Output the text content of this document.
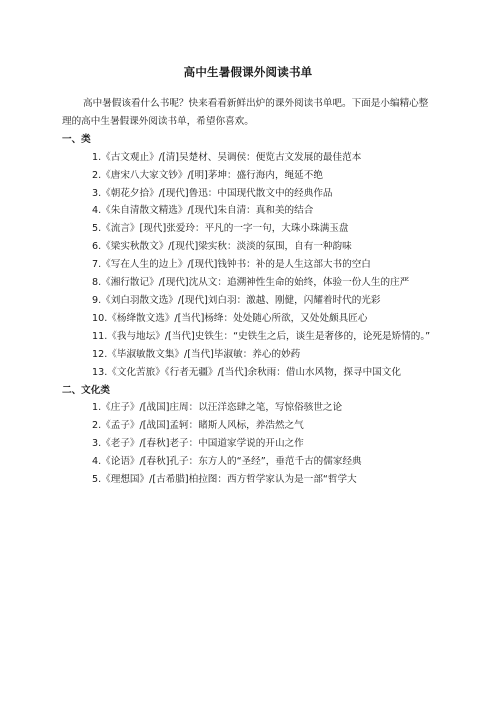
高中生暑假课外阅读书单

高中暑假该看什么书呢？快来看看新鲜出炉的课外阅读书单吧。下面是小编精心整理的高中生暑假课外阅读书单，希望你喜欢。

一、类

1.《古文观止》/[清]吴楚材、吴调侯：便览古文发展的最佳范本

2.《唐宋八大家文钞》/[明]茅坤：盛行海内，绳延不绝

3.《朝花夕拾》/[现代]鲁迅：中国现代散文中的经典作品

4.《朱自清散文精选》/[现代]朱自清：真和美的结合

5.《流言》[现代]张爱玲：平凡的一字一句，大珠小珠满玉盘

6.《梁实秋散文》/[现代]梁实秋：淡淡的氛围，自有一种韵味

7.《写在人生的边上》/[现代]钱钟书：补的是人生这部大书的空白

8.《湘行散记》/[现代]沈从文：追溯神性生命的始终，体验一份人生的庄严

9.《刘白羽散文选》/[现代]刘白羽：激越、刚健，闪耀着时代的光彩

10.《杨绛散文选》/[当代]杨绛：处处随心所欲，又处处颇具匠心

11.《我与地坛》/[当代]史铁生：“史铁生之后，谈生是奢侈的，论死是矫情的。”

12.《毕淑敏散文集》/[当代]毕淑敏：养心的妙药

13.《文化苦旅》《行者无疆》/[当代]余秋雨：借山水风物，探寻中国文化

二、文化类

1.《庄子》/[战国]庄周：以汪洋恣肆之笔，写惊俗骇世之论

2.《孟子》/[战国]孟轲：睹斯人风标，养浩然之气

3.《老子》/[春秋]老子：中国道家学说的开山之作

4.《论语》/[春秋]孔子：东方人的“圣经”，垂范千古的儒家经典

5.《理想国》/[古希腊]柏拉图：西方哲学家认为是一部“哲学大
